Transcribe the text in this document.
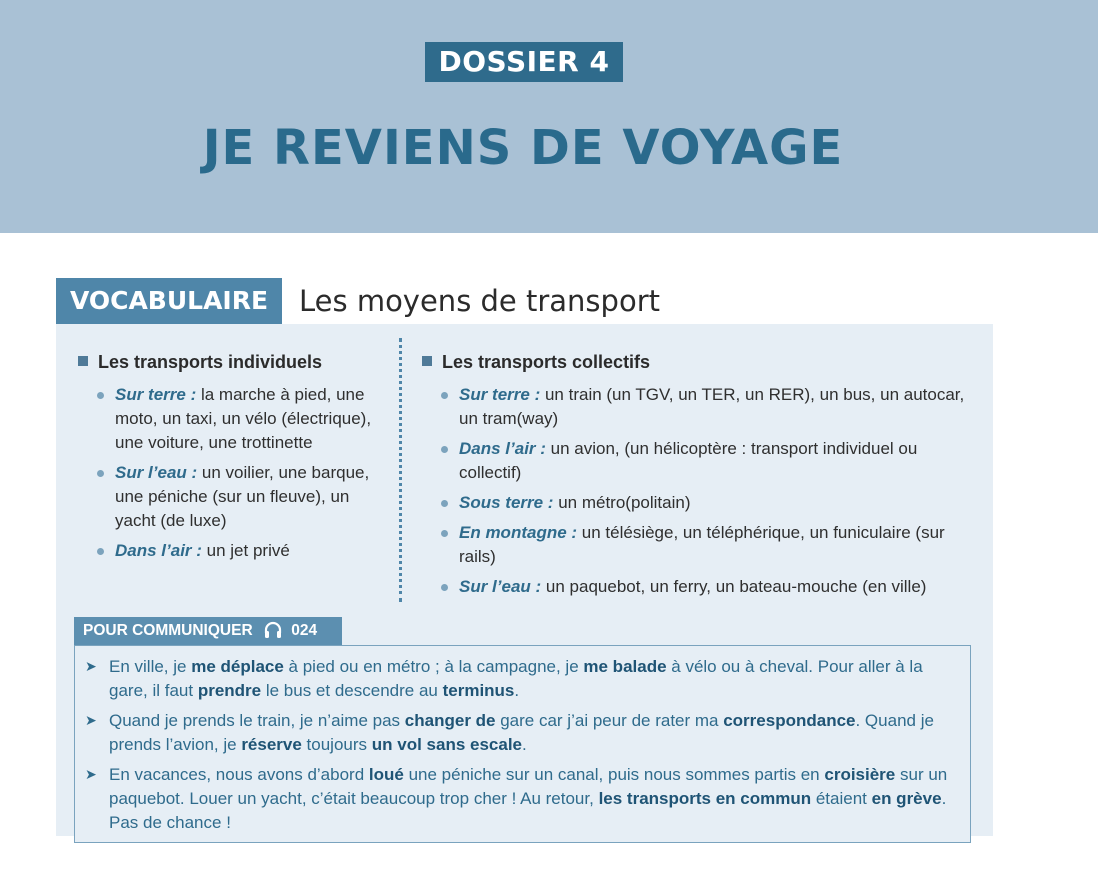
DOSSIER 4
JE REVIENS DE VOYAGE
VOCABULAIRE	Les moyens de transport
Les transports individuels
Sur terre : la marche à pied, une moto, un taxi, un vélo (électrique), une voiture, une trottinette
Sur l’eau : un voilier, une barque, une péniche (sur un fleuve), un yacht (de luxe)
Dans l’air : un jet privé
Les transports collectifs
Sur terre : un train (un TGV, un TER, un RER), un bus, un autocar, un tram(way)
Dans l’air : un avion, (un hélicoptère : transport individuel ou collectif)
Sous terre : un métro(politain)
En montagne : un télésiège, un téléphérique, un funiculaire (sur rails)
Sur l’eau : un paquebot, un ferry, un bateau-mouche (en ville)
POUR COMMUNIQUER 024
➤ En ville, je me déplace à pied ou en métro ; à la campagne, je me balade à vélo ou à cheval. Pour aller à la gare, il faut prendre le bus et descendre au terminus.
➤ Quand je prends le train, je n’aime pas changer de gare car j’ai peur de rater ma correspondance. Quand je prends l’avion, je réserve toujours un vol sans escale.
➤ En vacances, nous avons d’abord loué une péniche sur un canal, puis nous sommes partis en croisière sur un paquebot. Louer un yacht, c’était beaucoup trop cher ! Au retour, les transports en commun étaient en grève. Pas de chance !
